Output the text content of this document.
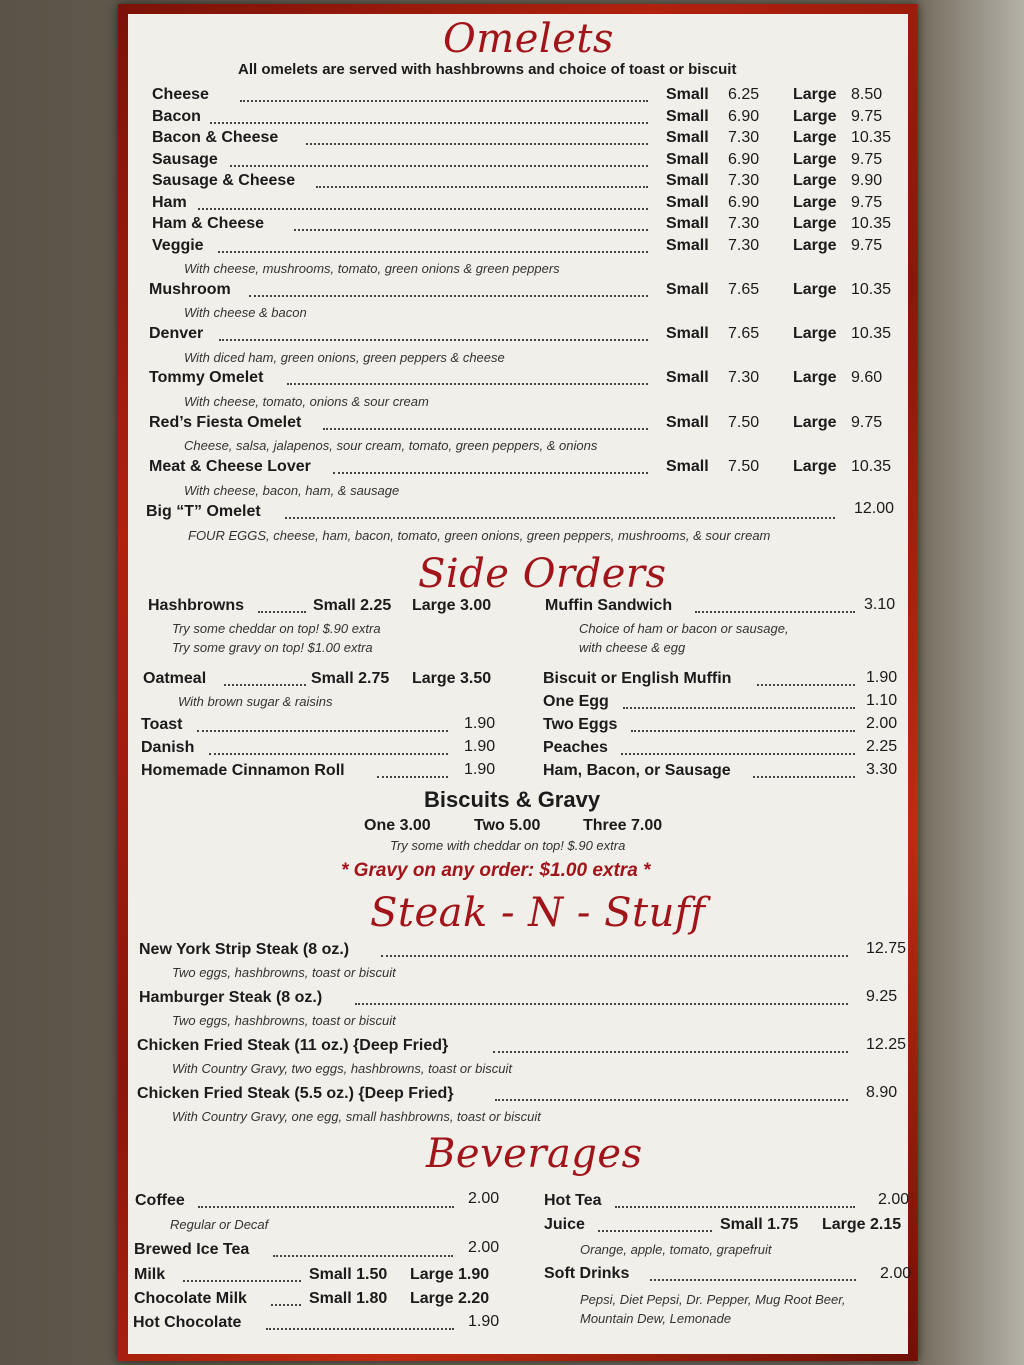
Omelets
All omelets are served with hashbrowns and choice of toast or biscuit
Cheese	Small 6.25 Large 8.50
Bacon	Small 6.90 Large 9.75
Bacon & Cheese	Small 7.30 Large 10.35
Sausage	Small 6.90 Large 9.75
Sausage & Cheese	Small 7.30 Large 9.90
Ham	Small 6.90 Large 9.75
Ham & Cheese	Small 7.30 Large 10.35
Veggie	Small 7.30 Large 9.75
With cheese, mushrooms, tomato, green onions & green peppers
Mushroom	Small 7.65 Large 10.35
With cheese & bacon
Denver	Small 7.65 Large 10.35
With diced ham, green onions, green peppers & cheese
Tommy Omelet	Small 7.30 Large 9.60
With cheese, tomato, onions & sour cream
Red’s Fiesta Omelet	Small 7.50 Large 9.75
Cheese, salsa, jalapenos, sour cream, tomato, green peppers, & onions
Meat & Cheese Lover	Small 7.50 Large 10.35
With cheese, bacon, ham, & sausage
Big “T” Omelet	12.00
FOUR EGGS, cheese, ham, bacon, tomato, green onions, green peppers, mushrooms, & sour cream
Side Orders
Hashbrowns	Small 2.25 Large 3.00
Try some cheddar on top! $.90 extra
Try some gravy on top! $1.00 extra
Oatmeal	Small 2.75 Large 3.50
With brown sugar & raisins
Toast	1.90
Danish	1.90
Homemade Cinnamon Roll	1.90
Muffin Sandwich	3.10
Choice of ham or bacon or sausage,
with cheese & egg
Biscuit or English Muffin	1.90
One Egg	1.10
Two Eggs	2.00
Peaches	2.25
Ham, Bacon, or Sausage	3.30
Biscuits & Gravy
One 3.00	Two 5.00	Three 7.00
Try some with cheddar on top! $.90 extra
* Gravy on any order: $1.00 extra *
Steak - N - Stuff
New York Strip Steak (8 oz.)	12.75
Two eggs, hashbrowns, toast or biscuit
Hamburger Steak (8 oz.)	9.25
Two eggs, hashbrowns, toast or biscuit
Chicken Fried Steak (11 oz.) {Deep Fried}	12.25
With Country Gravy, two eggs, hashbrowns, toast or biscuit
Chicken Fried Steak (5.5 oz.) {Deep Fried}	8.90
With Country Gravy, one egg, small hashbrowns, toast or biscuit
Beverages
Coffee	2.00
Regular or Decaf
Brewed Ice Tea	2.00
Milk	Small 1.50 Large 1.90
Chocolate Milk	Small 1.80 Large 2.20
Hot Chocolate	1.90
Hot Tea	2.00
Juice	Small 1.75 Large 2.15
Orange, apple, tomato, grapefruit
Soft Drinks	2.00
Pepsi, Diet Pepsi, Dr. Pepper, Mug Root Beer,
Mountain Dew, Lemonade
